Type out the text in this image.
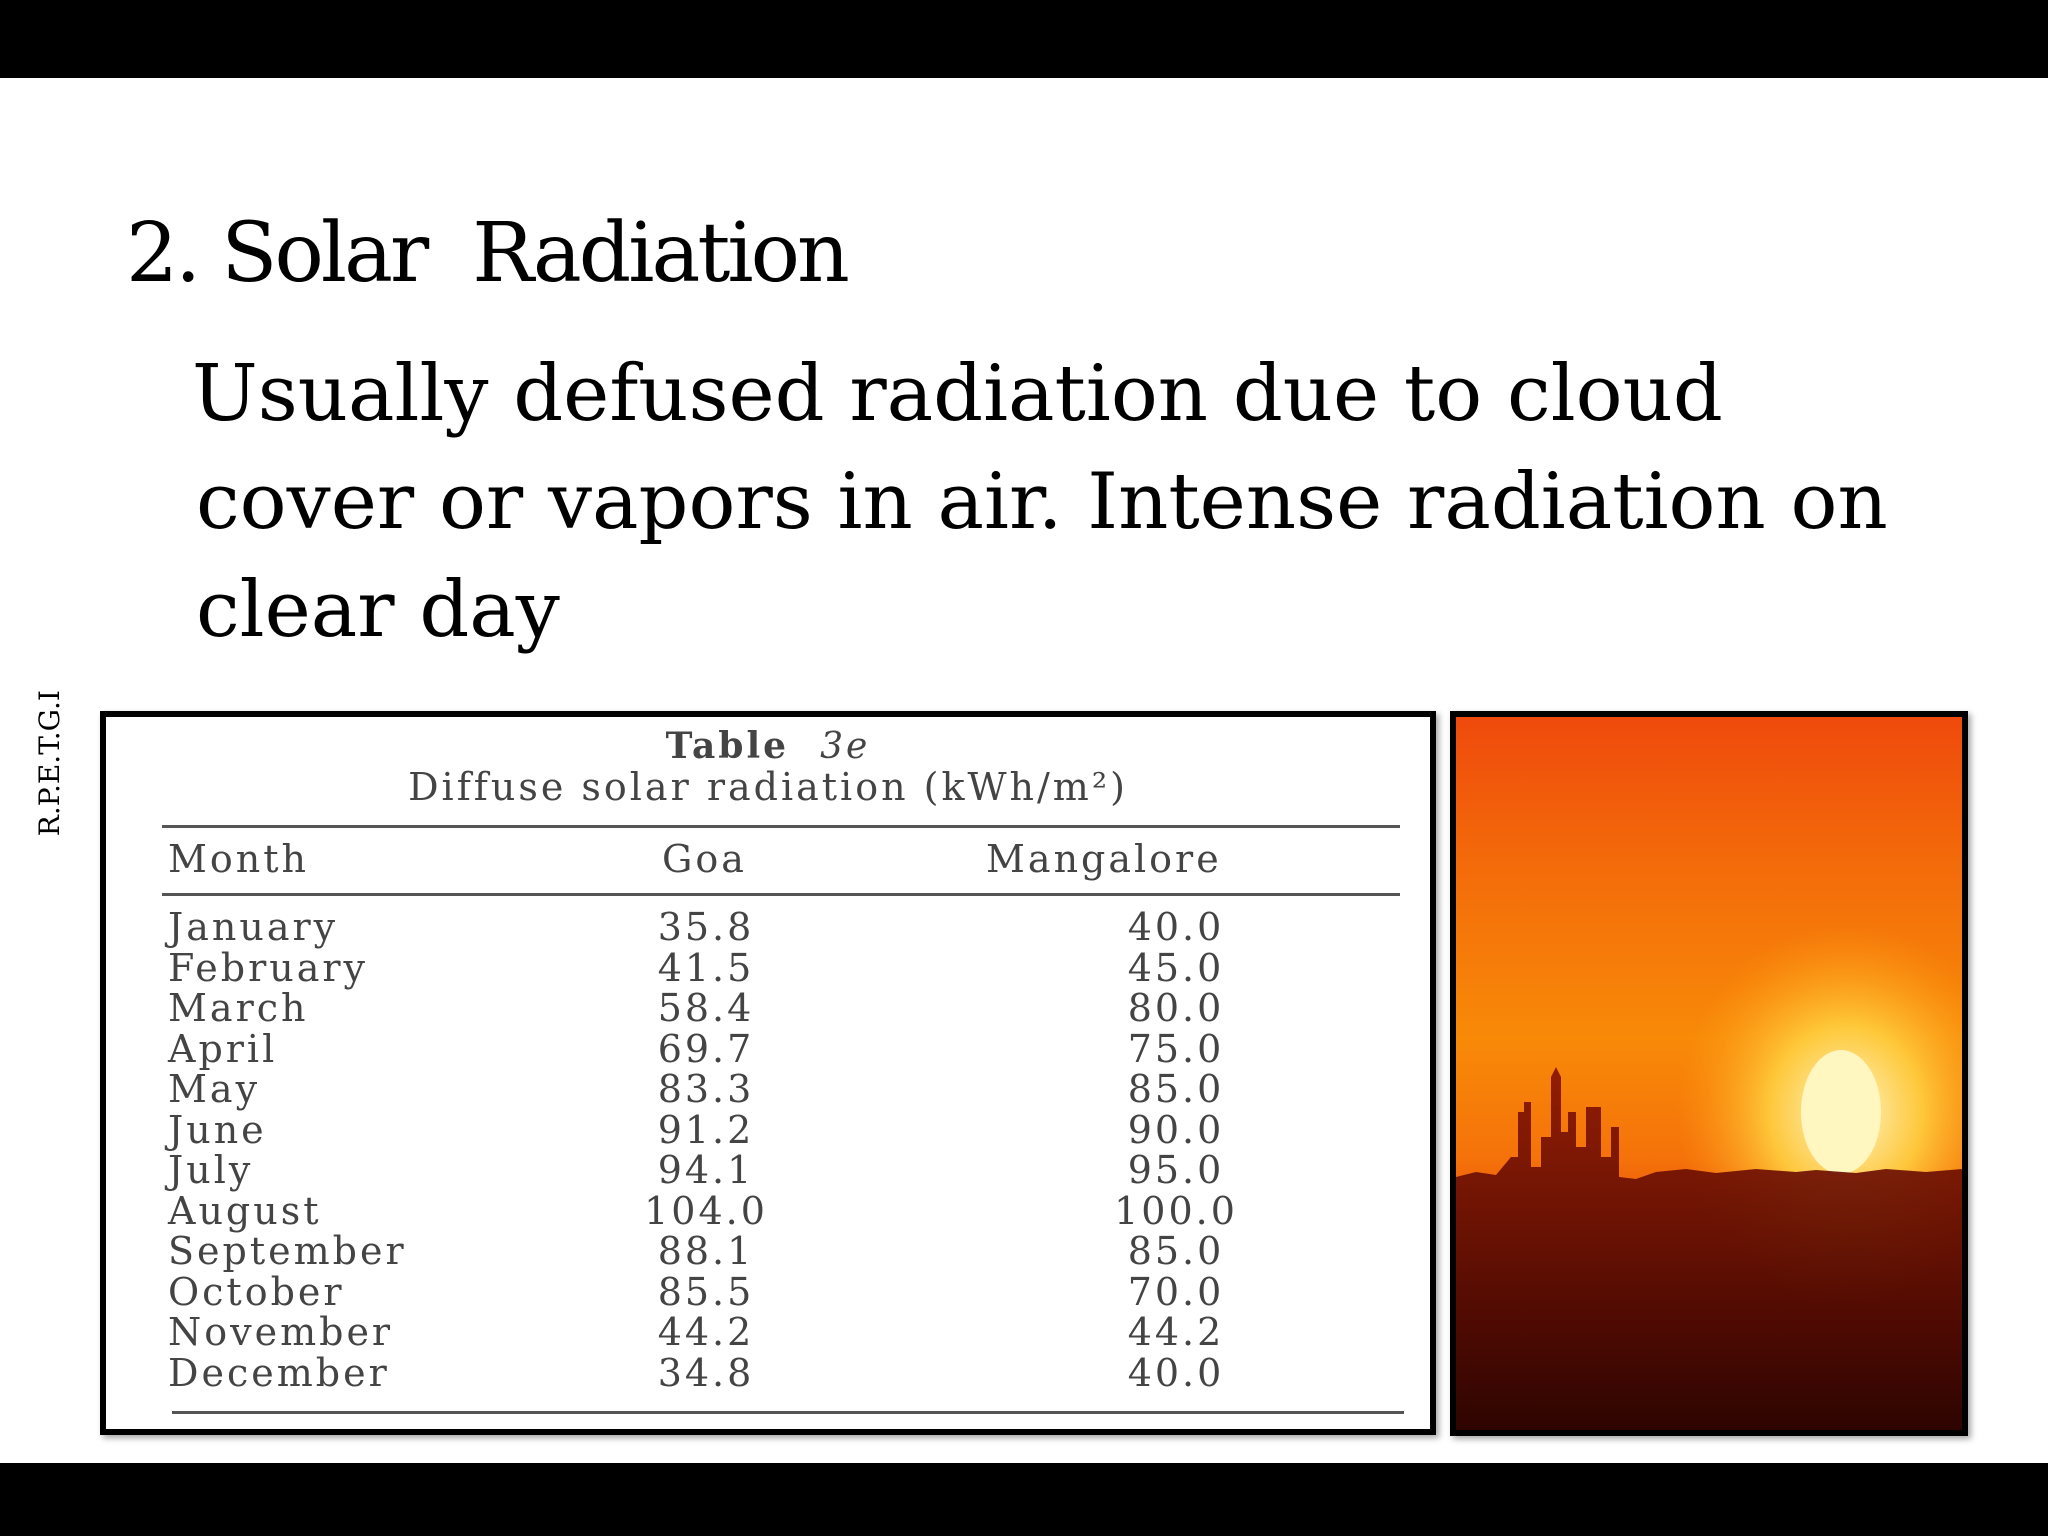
R.P.E.T.G.I
2. Solar  Radiation

Usually defused radiation due to cloud cover or vapors in air. Intense radiation on clear day

Table 3e
Diffuse solar radiation (kWh/m²)
Month	Goa	Mangalore
January	35.8	40.0
February	41.5	45.0
March	58.4	80.0
April	69.7	75.0
May	83.3	85.0
June	91.2	90.0
July	94.1	95.0
August	104.0	100.0
September	88.1	85.0
October	85.5	70.0
November	44.2	44.2
December	34.8	40.0
